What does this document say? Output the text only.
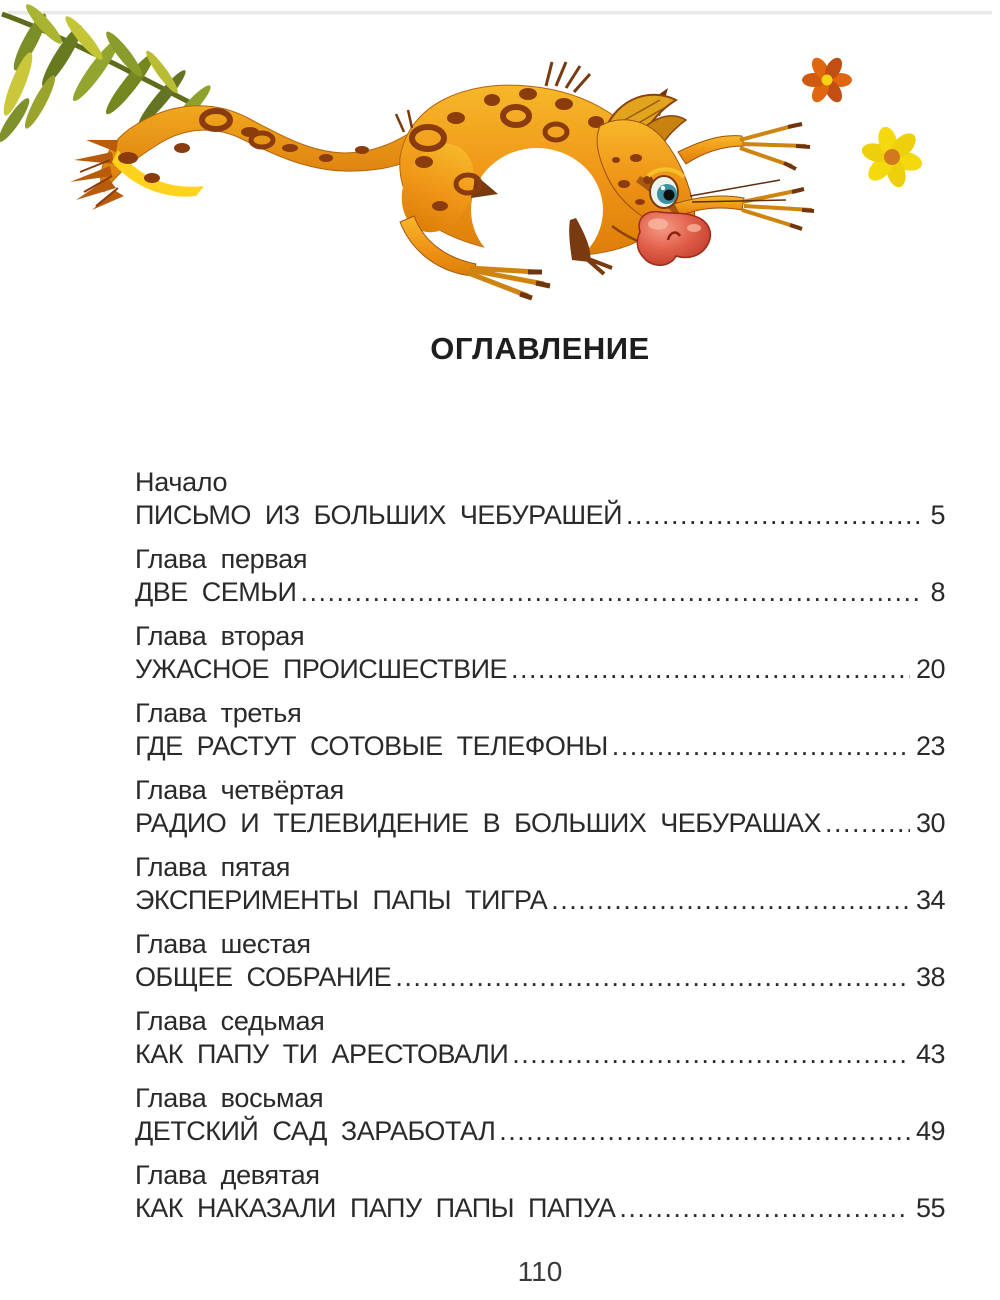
ОГЛАВЛЕНИЕ
Начало
ПИСЬМО ИЗ БОЛЬШИХ ЧЕБУРАШЕЙ .....	5
Глава первая
ДВЕ СЕМЬИ .....	8
Глава вторая
УЖАСНОЕ ПРОИСШЕСТВИЕ .....	20
Глава третья
ГДЕ РАСТУТ СОТОВЫЕ ТЕЛЕФОНЫ .....	23
Глава четвёртая
РАДИО И ТЕЛЕВИДЕНИЕ В БОЛЬШИХ ЧЕБУРАШАХ .....	30
Глава пятая
ЭКСПЕРИМЕНТЫ ПАПЫ ТИГРА .....	34
Глава шестая
ОБЩЕЕ СОБРАНИЕ .....	38
Глава седьмая
КАК ПАПУ ТИ АРЕСТОВАЛИ .....	43
Глава восьмая
ДЕТСКИЙ САД ЗАРАБОТАЛ .....	49
Глава девятая
КАК НАКАЗАЛИ ПАПУ ПАПЫ ПАПУА .....	55
110
